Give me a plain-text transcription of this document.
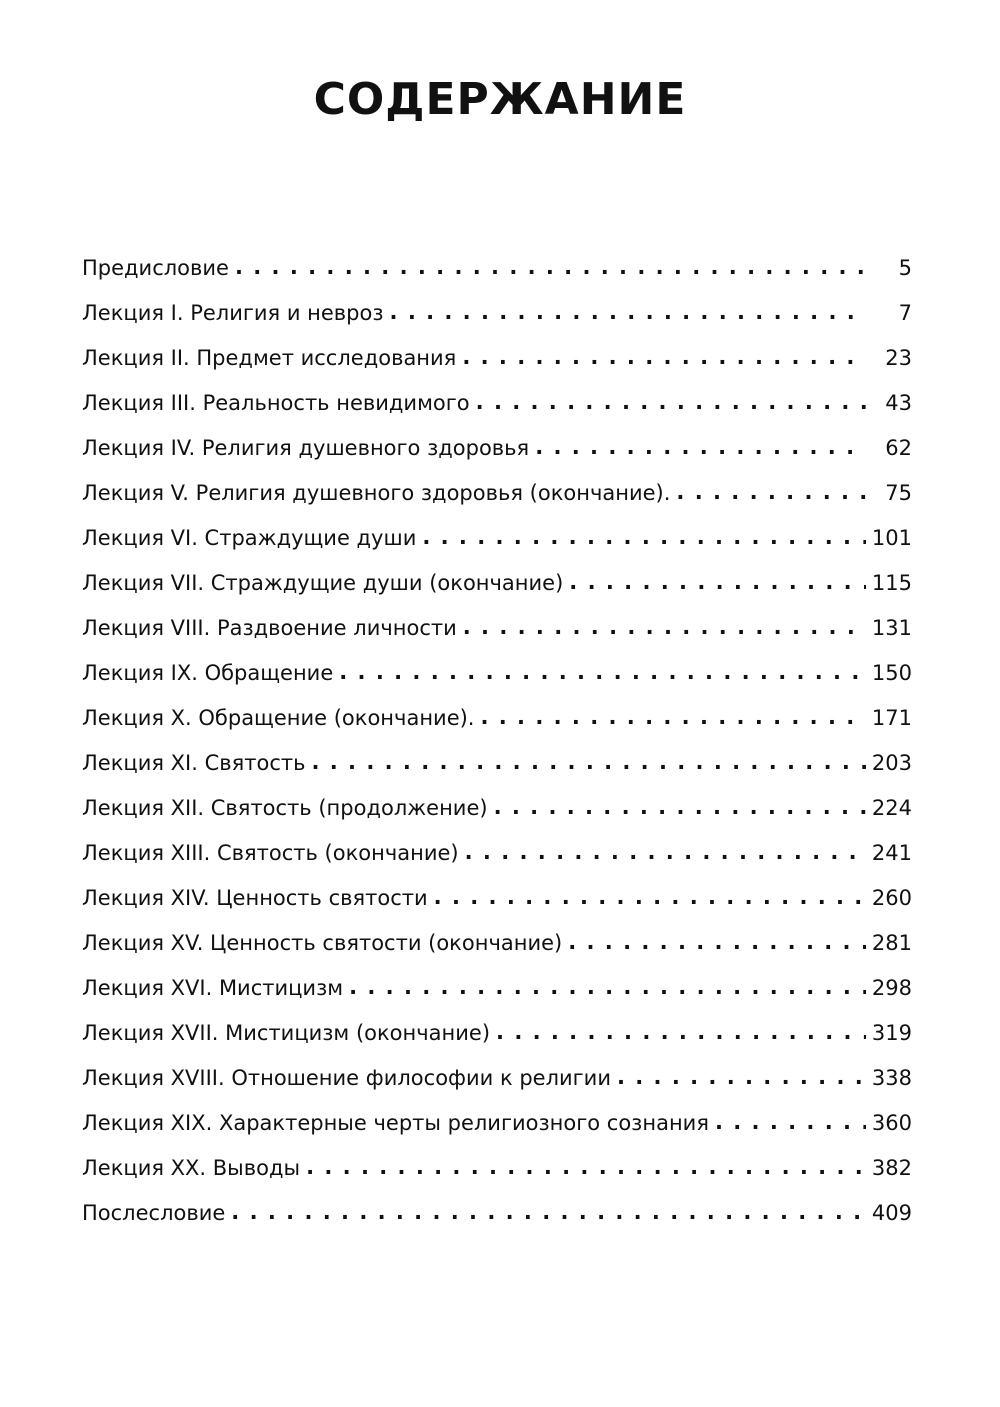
СОДЕРЖАНИЕ
Предисловие . . .	5
Лекция I. Религия и невроз . . .	7
Лекция II. Предмет исследования . . .	23
Лекция III. Реальность невидимого . . .	43
Лекция IV. Религия душевного здоровья . . .	62
Лекция V. Религия душевного здоровья (окончание). . . .	75
Лекция VI. Страждущие души . . .	101
Лекция VII. Страждущие души (окончание) . . .	115
Лекция VIII. Раздвоение личности . . .	131
Лекция IX. Обращение . . .	150
Лекция X. Обращение (окончание). . . .	171
Лекция XI. Святость . . .	203
Лекция XII. Святость (продолжение) . . .	224
Лекция XIII. Святость (окончание) . . .	241
Лекция XIV. Ценность святости . . .	260
Лекция XV. Ценность святости (окончание) . . .	281
Лекция XVI. Мистицизм . . .	298
Лекция XVII. Мистицизм (окончание) . . .	319
Лекция XVIII. Отношение философии к религии . . .	338
Лекция XIX. Характерные черты религиозного сознания . . .	360
Лекция XX. Выводы . . .	382
Послесловие . . .	409
